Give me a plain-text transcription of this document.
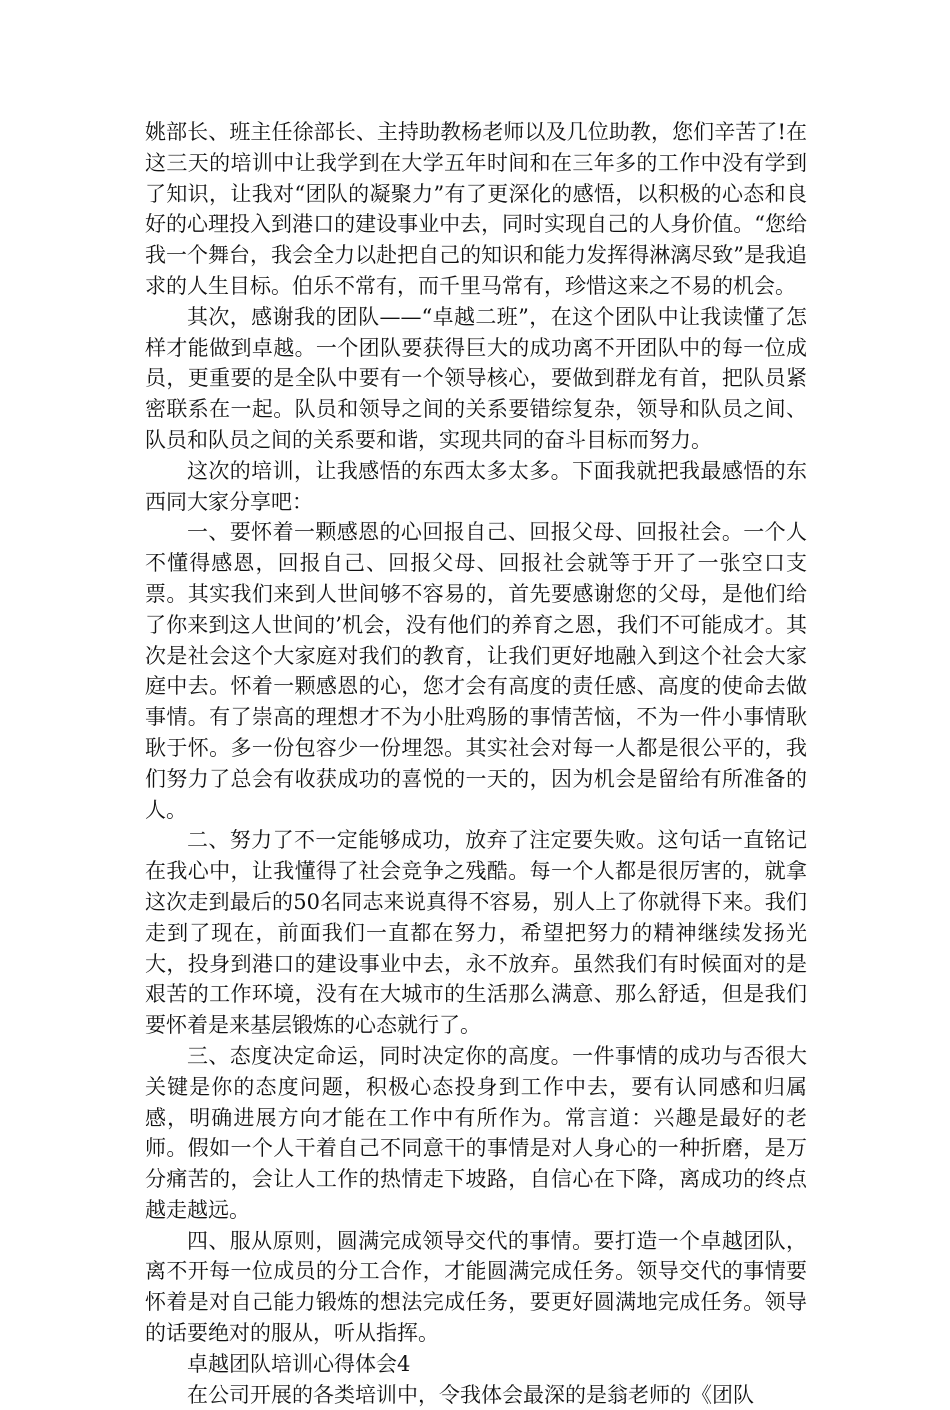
姚部长、班主任徐部长、主持助教杨老师以及几位助教，您们辛苦了!在这三天的培训中让我学到在大学五年时间和在三年多的工作中没有学到了知识，让我对“团队的凝聚力”有了更深化的感悟，以积极的心态和良好的心理投入到港口的建设事业中去，同时实现自己的人身价值。“您给我一个舞台，我会全力以赴把自己的知识和能力发挥得淋漓尽致”是我追求的人生目标。伯乐不常有，而千里马常有，珍惜这来之不易的机会。

其次，感谢我的团队——“卓越二班”，在这个团队中让我读懂了怎样才能做到卓越。一个团队要获得巨大的成功离不开团队中的每一位成员，更重要的是全队中要有一个领导核心，要做到群龙有首，把队员紧密联系在一起。队员和领导之间的关系要错综复杂，领导和队员之间、队员和队员之间的关系要和谐，实现共同的奋斗目标而努力。

这次的培训，让我感悟的东西太多太多。下面我就把我最感悟的东西同大家分享吧：

一、要怀着一颗感恩的心回报自己、回报父母、回报社会。一个人不懂得感恩，回报自己、回报父母、回报社会就等于开了一张空口支票。其实我们来到人世间够不容易的，首先要感谢您的父母，是他们给了你来到这人世间的’机会，没有他们的养育之恩，我们不可能成才。其次是社会这个大家庭对我们的教育，让我们更好地融入到这个社会大家庭中去。怀着一颗感恩的心，您才会有高度的责任感、高度的使命去做事情。有了崇高的理想才不为小肚鸡肠的事情苦恼，不为一件小事情耿耿于怀。多一份包容少一份埋怨。其实社会对每一人都是很公平的，我们努力了总会有收获成功的喜悦的一天的，因为机会是留给有所准备的人。

二、努力了不一定能够成功，放弃了注定要失败。这句话一直铭记在我心中，让我懂得了社会竞争之残酷。每一个人都是很厉害的，就拿这次走到最后的50名同志来说真得不容易，别人上了你就得下来。我们走到了现在，前面我们一直都在努力，希望把努力的精神继续发扬光大，投身到港口的建设事业中去，永不放弃。虽然我们有时候面对的是艰苦的工作环境，没有在大城市的生活那么满意、那么舒适，但是我们要怀着是来基层锻炼的心态就行了。

三、态度决定命运，同时决定你的高度。一件事情的成功与否很大关键是你的态度问题，积极心态投身到工作中去，要有认同感和归属感，明确进展方向才能在工作中有所作为。常言道：兴趣是最好的老师。假如一个人干着自己不同意干的事情是对人身心的一种折磨，是万分痛苦的，会让人工作的热情走下坡路，自信心在下降，离成功的终点越走越远。

四、服从原则，圆满完成领导交代的事情。要打造一个卓越团队，离不开每一位成员的分工合作，才能圆满完成任务。领导交代的事情要怀着是对自己能力锻炼的想法完成任务，要更好圆满地完成任务。领导的话要绝对的服从，听从指挥。

卓越团队培训心得体会4

在公司开展的各类培训中，令我体会最深的是翁老师的《团队
